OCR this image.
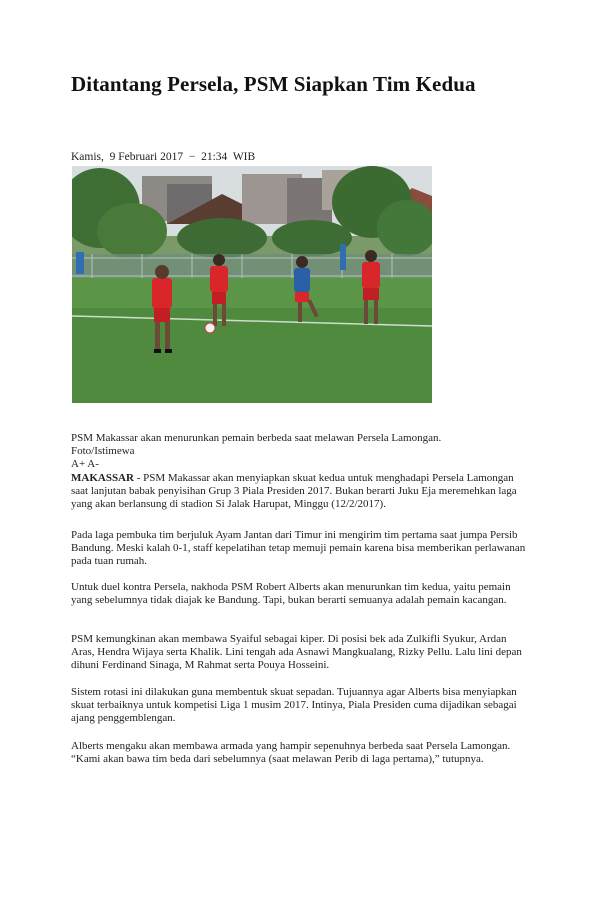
Ditantang Persela, PSM Siapkan Tim Kedua
Kamis,  9 Februari 2017  −  21:34  WIB
PSM Makassar akan menurunkan pemain berbeda saat melawan Persela Lamongan.
Foto/Istimewa
A+ A-

MAKASSAR - PSM Makassar akan menyiapkan skuat kedua untuk menghadapi Persela Lamongan saat lanjutan babak penyisihan Grup 3 Piala Presiden 2017. Bukan berarti Juku Eja meremehkan laga yang akan berlansung di stadion Si Jalak Harupat, Minggu (12/2/2017).

Pada laga pembuka tim berjuluk Ayam Jantan dari Timur ini mengirim tim pertama saat jumpa Persib Bandung. Meski kalah 0-1, staff kepelatihan tetap memuji pemain karena bisa memberikan perlawanan pada tuan rumah.

Untuk duel kontra Persela, nakhoda PSM Robert Alberts akan menurunkan tim kedua, yaitu pemain yang sebelumnya tidak diajak ke Bandung. Tapi, bukan berarti semuanya adalah pemain kacangan.

PSM kemungkinan akan membawa Syaiful sebagai kiper. Di posisi bek ada Zulkifli Syukur, Ardan Aras, Hendra Wijaya serta Khalik. Lini tengah ada Asnawi Mangkualang, Rizky Pellu. Lalu lini depan dihuni Ferdinand Sinaga, M Rahmat serta Pouya Hosseini.

Sistem rotasi ini dilakukan guna membentuk skuat sepadan. Tujuannya agar Alberts bisa menyiapkan skuat terbaiknya untuk kompetisi Liga 1 musim 2017. Intinya, Piala Presiden cuma dijadikan sebagai ajang penggemblengan.

Alberts mengaku akan membawa armada yang hampir sepenuhnya berbeda saat Persela Lamongan. “Kami akan bawa tim beda dari sebelumnya (saat melawan Perib di laga pertama),” tutupnya.
